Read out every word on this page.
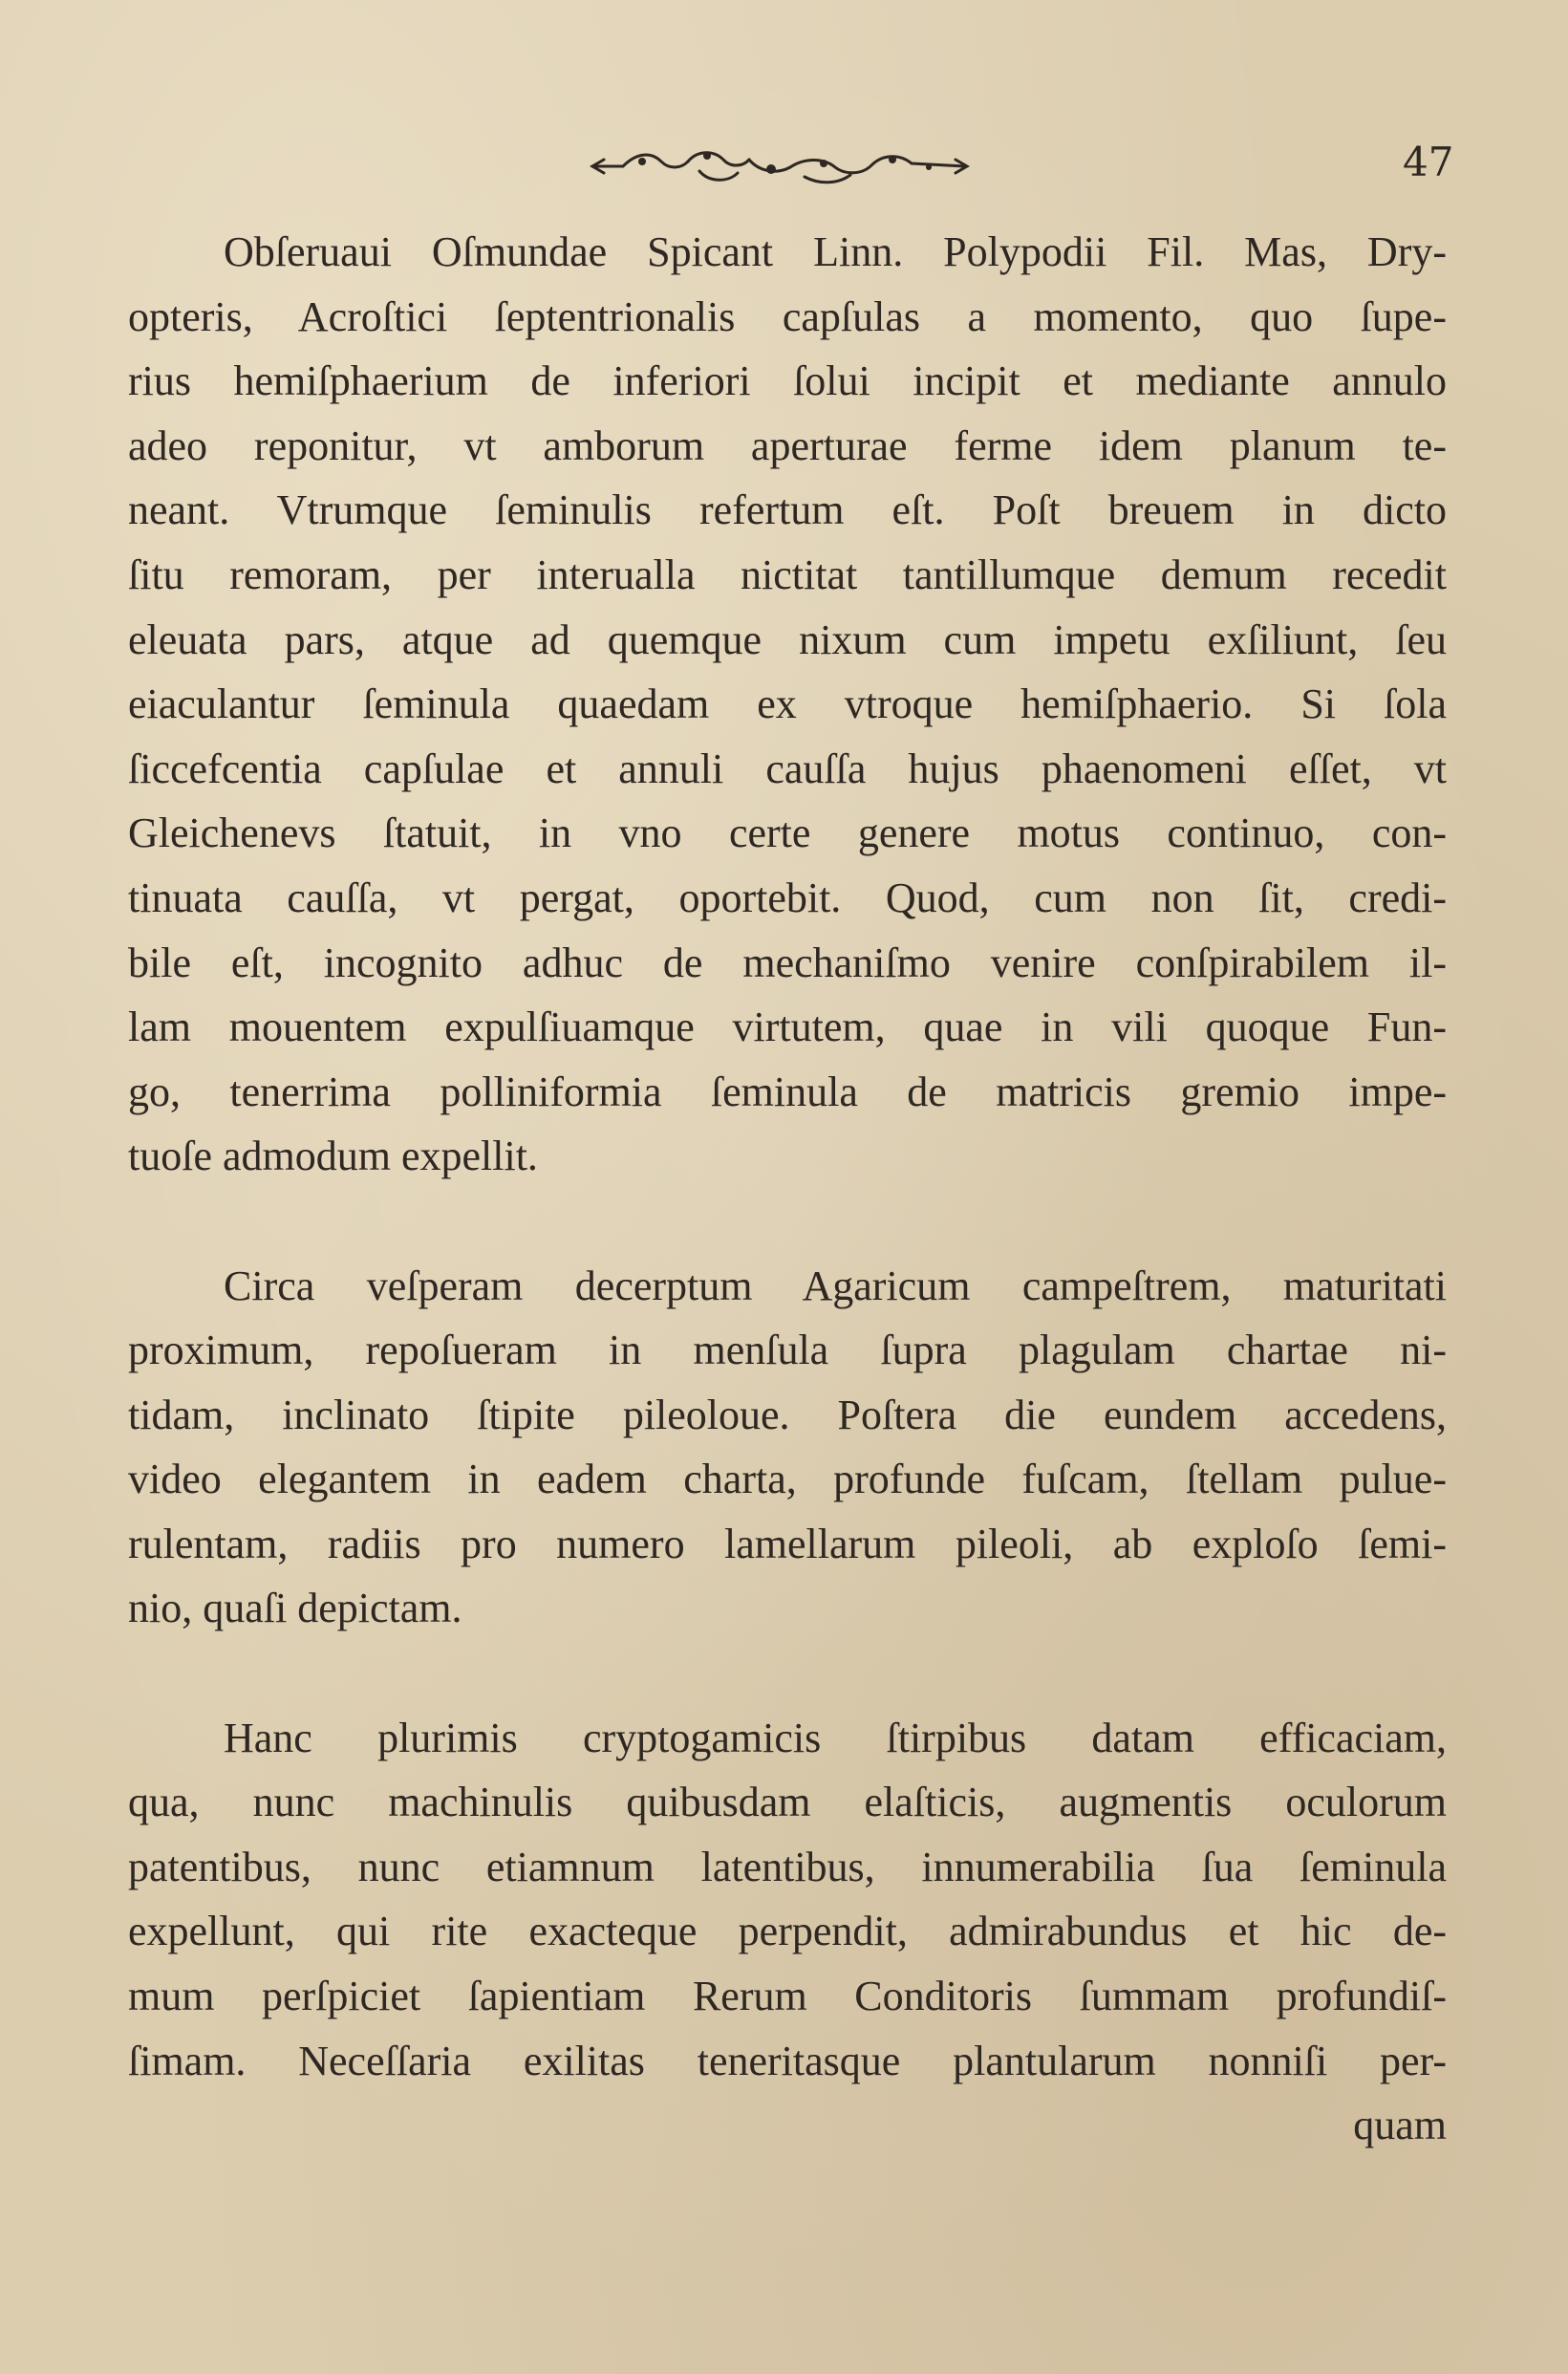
47
Obſeruaui Oſmundae Spicant Linn. Polypodii Fil. Mas, Dry-
opteris, Acroſtici ſeptentrionalis capſulas a momento, quo ſupe-
rius hemiſphaerium de inferiori ſolui incipit et mediante annulo
adeo reponitur, vt amborum aperturae ferme idem planum te-
neant. Vtrumque ſeminulis refertum eſt. Poſt breuem in dicto
ſitu remoram, per interualla nictitat tantillumque demum recedit
eleuata pars, atque ad quemque nixum cum impetu exſiliunt, ſeu
eiaculantur ſeminula quaedam ex vtroque hemiſphaerio. Si ſola
ſiccefcentia capſulae et annuli cauſſa hujus phaenomeni eſſet, vt
Gleichenevs ſtatuit, in vno certe genere motus continuo, con-
tinuata cauſſa, vt pergat, oportebit. Quod, cum non ſit, credi-
bile eſt, incognito adhuc de mechaniſmo venire conſpirabilem il-
lam mouentem expulſiuamque virtutem, quae in vili quoque Fun-
go, tenerrima polliniformia ſeminula de matricis gremio impe-
tuoſe admodum expellit.
Circa veſperam decerptum Agaricum campeſtrem, maturitati
proximum, repoſueram in menſula ſupra plagulam chartae ni-
tidam, inclinato ſtipite pileoloue. Poſtera die eundem accedens,
video elegantem in eadem charta, profunde fuſcam, ſtellam pulue-
rulentam, radiis pro numero lamellarum pileoli, ab exploſo ſemi-
nio, quaſi depictam.
Hanc plurimis cryptogamicis ſtirpibus datam efficaciam,
qua, nunc machinulis quibusdam elaſticis, augmentis oculorum
patentibus, nunc etiamnum latentibus, innumerabilia ſua ſeminula
expellunt, qui rite exacteque perpendit, admirabundus et hic de-
mum perſpiciet ſapientiam Rerum Conditoris ſummam profundiſ-
ſimam. Neceſſaria exilitas teneritasque plantularum nonniſi per-
quam
